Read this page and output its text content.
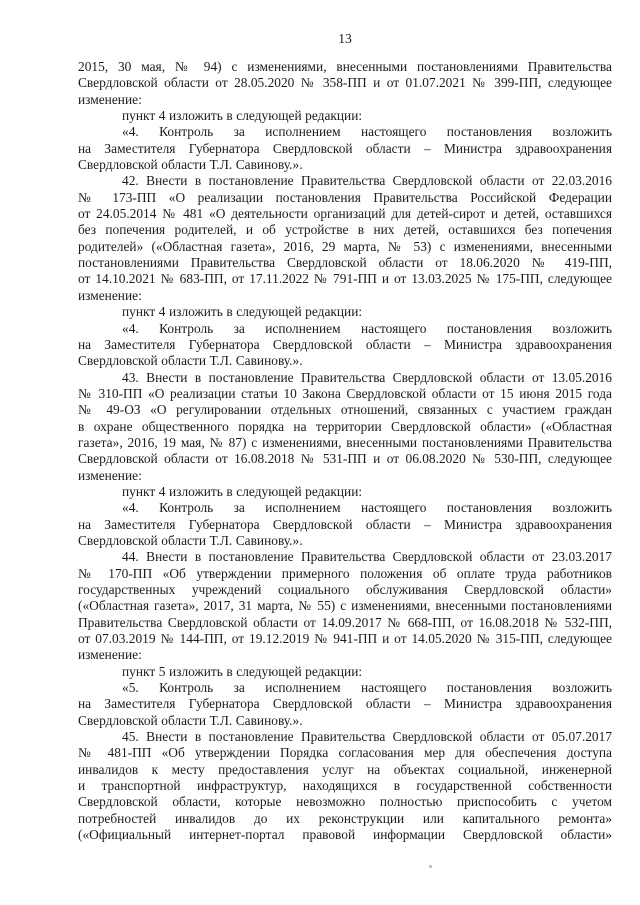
13
2015, 30 мая, № 94) с изменениями, внесенными постановлениями Правительства
Свердловской области от 28.05.2020 № 358-ПП и от 01.07.2021 № 399-ПП, следующее
изменение:
пункт 4 изложить в следующей редакции:
«4. Контроль за исполнением настоящего постановления возложить
на Заместителя Губернатора Свердловской области – Министра здравоохранения
Свердловской области Т.Л. Савинову.».
42. Внести в постановление Правительства Свердловской области от 22.03.2016
№ 173-ПП «О реализации постановления Правительства Российской Федерации
от 24.05.2014 № 481 «О деятельности организаций для детей-сирот и детей, оставшихся
без попечения родителей, и об устройстве в них детей, оставшихся без попечения
родителей» («Областная газета», 2016, 29 марта, № 53) с изменениями, внесенными
постановлениями Правительства Свердловской области от 18.06.2020 № 419-ПП,
от 14.10.2021 № 683-ПП, от 17.11.2022 № 791-ПП и от 13.03.2025 № 175-ПП, следующее
изменение:
пункт 4 изложить в следующей редакции:
«4. Контроль за исполнением настоящего постановления возложить
на Заместителя Губернатора Свердловской области – Министра здравоохранения
Свердловской области Т.Л. Савинову.».
43. Внести в постановление Правительства Свердловской области от 13.05.2016
№ 310-ПП «О реализации статьи 10 Закона Свердловской области от 15 июня 2015 года
№ 49-ОЗ «О регулировании отдельных отношений, связанных с участием граждан
в охране общественного порядка на территории Свердловской области» («Областная
газета», 2016, 19 мая, № 87) с изменениями, внесенными постановлениями Правительства
Свердловской области от 16.08.2018 № 531-ПП и от 06.08.2020 № 530-ПП, следующее
изменение:
пункт 4 изложить в следующей редакции:
«4. Контроль за исполнением настоящего постановления возложить
на Заместителя Губернатора Свердловской области – Министра здравоохранения
Свердловской области Т.Л. Савинову.».
44. Внести в постановление Правительства Свердловской области от 23.03.2017
№ 170-ПП «Об утверждении примерного положения об оплате труда работников
государственных учреждений социального обслуживания Свердловской области»
(«Областная газета», 2017, 31 марта, № 55) с изменениями, внесенными постановлениями
Правительства Свердловской области от 14.09.2017 № 668-ПП, от 16.08.2018 № 532-ПП,
от 07.03.2019 № 144-ПП, от 19.12.2019 № 941-ПП и от 14.05.2020 № 315-ПП, следующее
изменение:
пункт 5 изложить в следующей редакции:
«5. Контроль за исполнением настоящего постановления возложить
на Заместителя Губернатора Свердловской области – Министра здравоохранения
Свердловской области Т.Л. Савинову.».
45. Внести в постановление Правительства Свердловской области от 05.07.2017
№ 481-ПП «Об утверждении Порядка согласования мер для обеспечения доступа
инвалидов к месту предоставления услуг на объектах социальной, инженерной
и транспортной инфраструктур, находящихся в государственной собственности
Свердловской области, которые невозможно полностью приспособить с учетом
потребностей инвалидов до их реконструкции или капитального ремонта»
(«Официальный интернет-портал правовой информации Свердловской области»
